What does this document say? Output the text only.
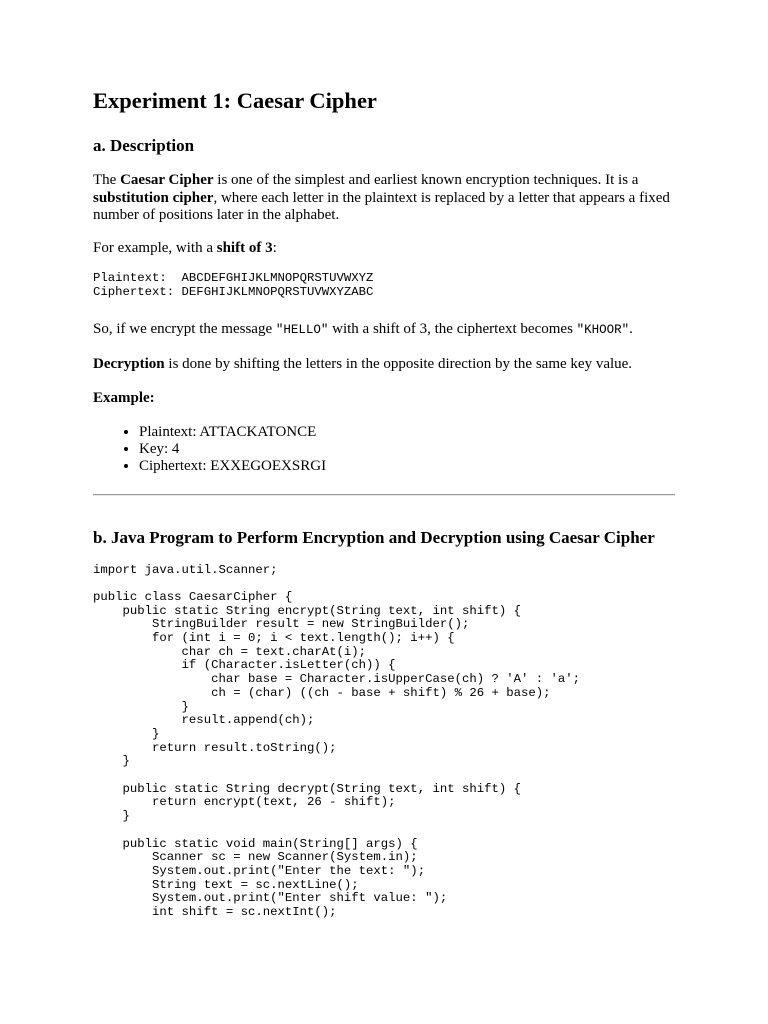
Experiment 1: Caesar Cipher
a. Description

The Caesar Cipher is one of the simplest and earliest known encryption techniques. It is a substitution cipher, where each letter in the plaintext is replaced by a letter that appears a fixed number of positions later in the alphabet.

For example, with a shift of 3:

Plaintext:  ABCDEFGHIJKLMNOPQRSTUVWXYZ
Ciphertext: DEFGHIJKLMNOPQRSTUVWXYZABC

So, if we encrypt the message "HELLO" with a shift of 3, the ciphertext becomes "KHOOR".

Decryption is done by shifting the letters in the opposite direction by the same key value.

Example:

• Plaintext: ATTACKATONCE
• Key: 4
• Ciphertext: EXXEGOEXSRGI
b. Java Program to Perform Encryption and Decryption using Caesar Cipher
import java.util.Scanner;

public class CaesarCipher {
public static String encrypt(String text, int shift) {
StringBuilder result = new StringBuilder();
for (int i = 0; i < text.length(); i++) {
char ch = text.charAt(i);
if (Character.isLetter(ch)) {
char base = Character.isUpperCase(ch) ? 'A' : 'a';
ch = (char) ((ch - base + shift) % 26 + base);
}
result.append(ch);
}
return result.toString();
}

public static String decrypt(String text, int shift) {
return encrypt(text, 26 - shift);
}

public static void main(String[] args) {
Scanner sc = new Scanner(System.in);
System.out.print("Enter the text: ");
String text = sc.nextLine();
System.out.print("Enter shift value: ");
int shift = sc.nextInt();
